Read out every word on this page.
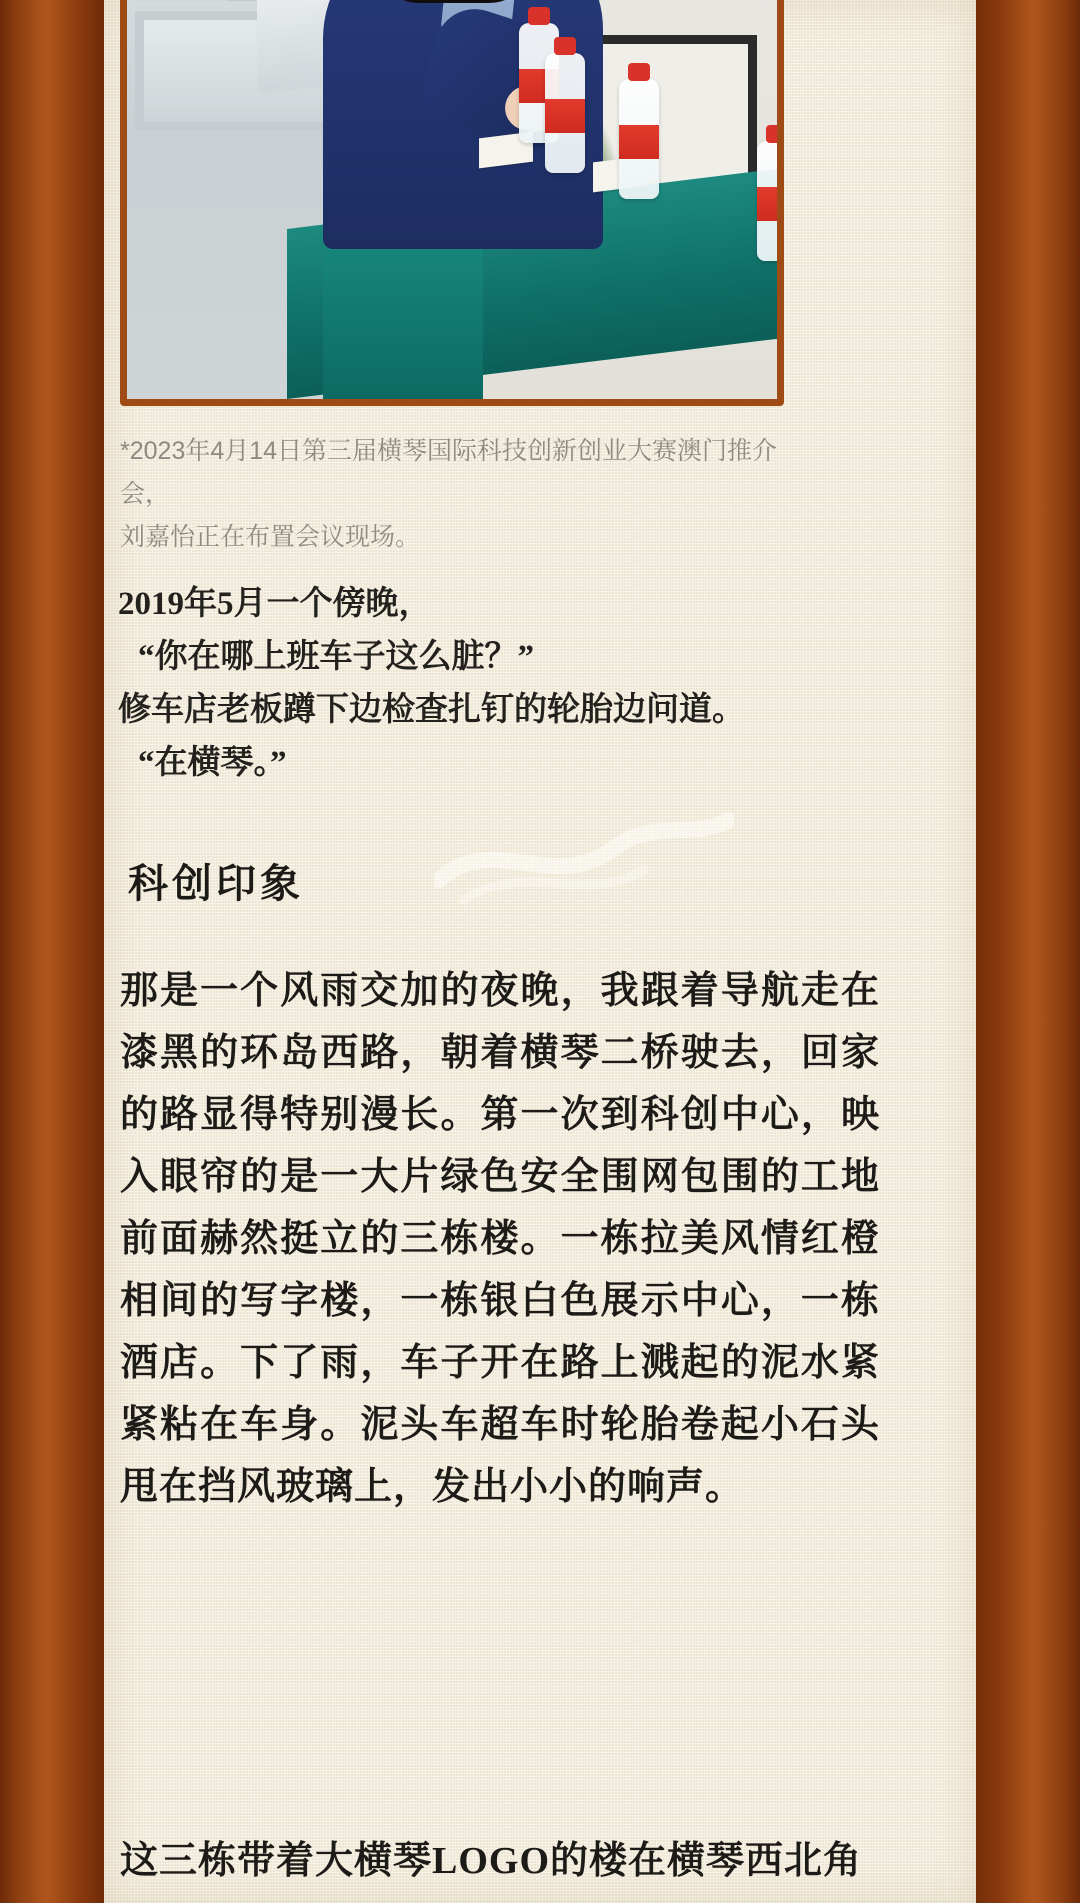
*2023年4月14日第三届横琴国际科技创新创业大赛澳门推介会，
刘嘉怡正在布置会议现场。
2019年5月一个傍晚，
“你在哪上班车子这么脏？”
修车店老板蹲下边检查扎钉的轮胎边问道。
“在横琴。”
科创印象
那是一个风雨交加的夜晚，我跟着导航走在漆黑的环岛西路，朝着横琴二桥驶去，回家的路显得特别漫长。第一次到科创中心，映入眼帘的是一大片绿色安全围网包围的工地前面赫然挺立的三栋楼。一栋拉美风情红橙相间的写字楼，一栋银白色展示中心，一栋酒店。下了雨，车子开在路上溅起的泥水紧紧粘在车身。泥头车超车时轮胎卷起小石头甩在挡风玻璃上，发出小小的响声。
这三栋带着大横琴LOGO的楼在横琴西北角
